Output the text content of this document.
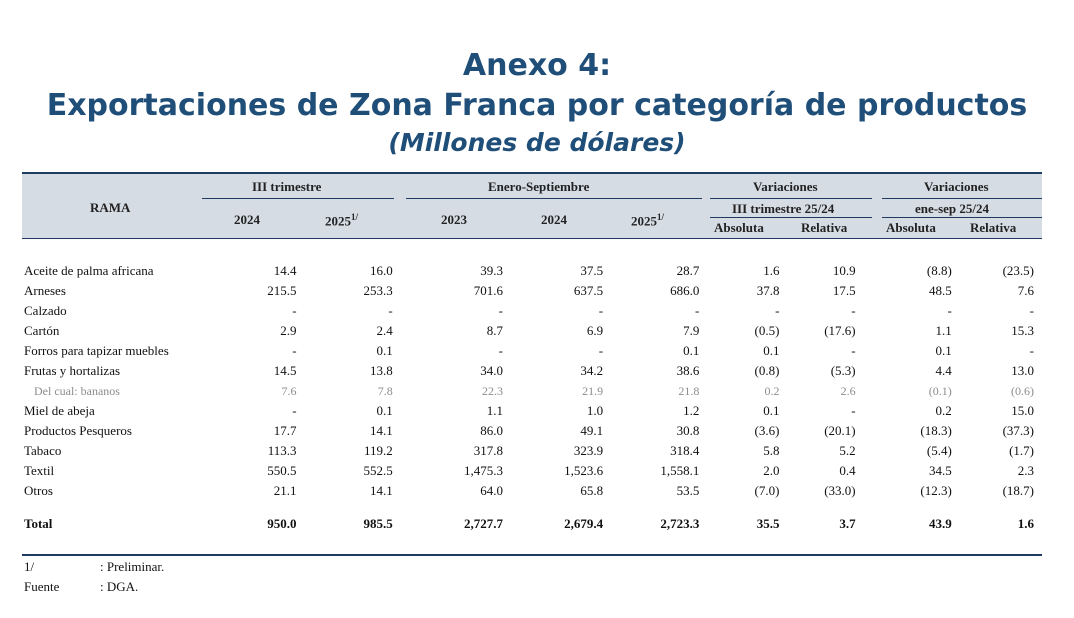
Anexo 4:
Exportaciones de Zona Franca por categoría de productos
(Millones de dólares)
RAMA
III trimestre	Enero-Septiembre	Variaciones
III trimestre 25/24
Variaciones
ene-sep 25/24
2024	$2025^{1/}$	2023	2024	$2025^{1/}$
Absoluta	Relativa	Absoluta	Relativa
Aceite de palma africana	14.4	16.0	39.3	37.5	28.7	1.6	10.9	(8.8)	(23.5)
Arneses	215.5	253.3	701.6	637.5	686.0	37.8	17.5	48.5	7.6
Calzado	-	-	-	-	-	-	-	-	-
Cartón	2.9	2.4	8.7	6.9	7.9	(0.5)	(17.6)	1.1	15.3
Forros para tapizar muebles	-	0.1	-	-	0.1	0.1	-	0.1	-
Frutas y hortalizas	14.5	13.8	34.0	34.2	38.6	(0.8)	(5.3)	4.4	13.0
Del cual: bananos	7.6	7.8	22.3	21.9	21.8	0.2	2.6	(0.1)	(0.6)
Miel de abeja	-	0.1	1.1	1.0	1.2	0.1	-	0.2	15.0
Productos Pesqueros	17.7	14.1	86.0	49.1	30.8	(3.6)	(20.1)	(18.3)	(37.3)
Tabaco	113.3	119.2	317.8	323.9	318.4	5.8	5.2	(5.4)	(1.7)
Textil	550.5	552.5	1,475.3	1,523.6	1,558.1	2.0	0.4	34.5	2.3
Otros	21.1	14.1	64.0	65.8	53.5	(7.0)	(33.0)	(12.3)	(18.7)

Total	950.0	985.5	2,727.7	2,679.4	2,723.3	35.5	3.7	43.9	1.6
1/	: Preliminar.
Fuente	: DGA.
